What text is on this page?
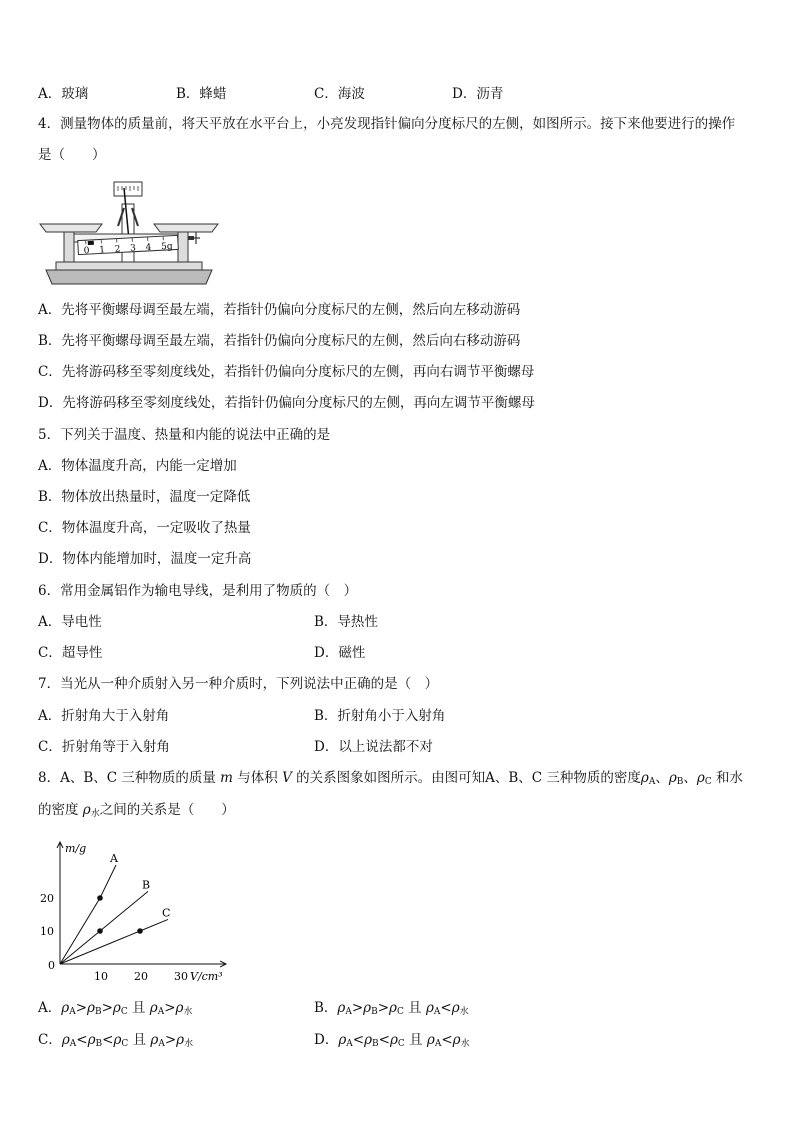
A．玻璃	B．蜂蜡	C．海波	D．沥青
4．测量物体的质量前，将天平放在水平台上，小亮发现指针偏向分度标尺的左侧，如图所示。接下来他要进行的操作
是（　　）
0 1 2 3 4 5g
A．先将平衡螺母调至最左端，若指针仍偏向分度标尺的左侧，然后向左移动游码
B．先将平衡螺母调至最左端，若指针仍偏向分度标尺的左侧，然后向右移动游码
C．先将游码移至零刻度线处，若指针仍偏向分度标尺的左侧，再向右调节平衡螺母
D．先将游码移至零刻度线处，若指针仍偏向分度标尺的左侧，再向左调节平衡螺母
5．下列关于温度、热量和内能的说法中正确的是
A．物体温度升高，内能一定增加
B．物体放出热量时，温度一定降低
C．物体温度升高，一定吸收了热量
D．物体内能增加时，温度一定升高
6．常用金属铝作为输电导线，是利用了物质的（　）
A．导电性	B．导热性
C．超导性	D．磁性
7．当光从一种介质射入另一种介质时，下列说法中正确的是（　）
A．折射角大于入射角	B．折射角小于入射角
C．折射角等于入射角	D．以上说法都不对
8．A、B、C 三种物质的质量 m 与体积 V 的关系图象如图所示。由图可知A、B、C 三种物质的密度$\rho_A$、$\rho_B$、$\rho_C$ 和水
的密度 $\rho_水$之间的关系是（　　）
m/g
V/cm³
0
10 20 30
10
20
A
B
C
A．$\rho_A>\rho_B>\rho_C$ 且 $\rho_A>\rho_水$	B．$\rho_A>\rho_B>\rho_C$ 且 $\rho_A<\rho_水$
C．$\rho_A<\rho_B<\rho_C$ 且 $\rho_A>\rho_水$	D．$\rho_A<\rho_B<\rho_C$ 且 $\rho_A<\rho_水$
